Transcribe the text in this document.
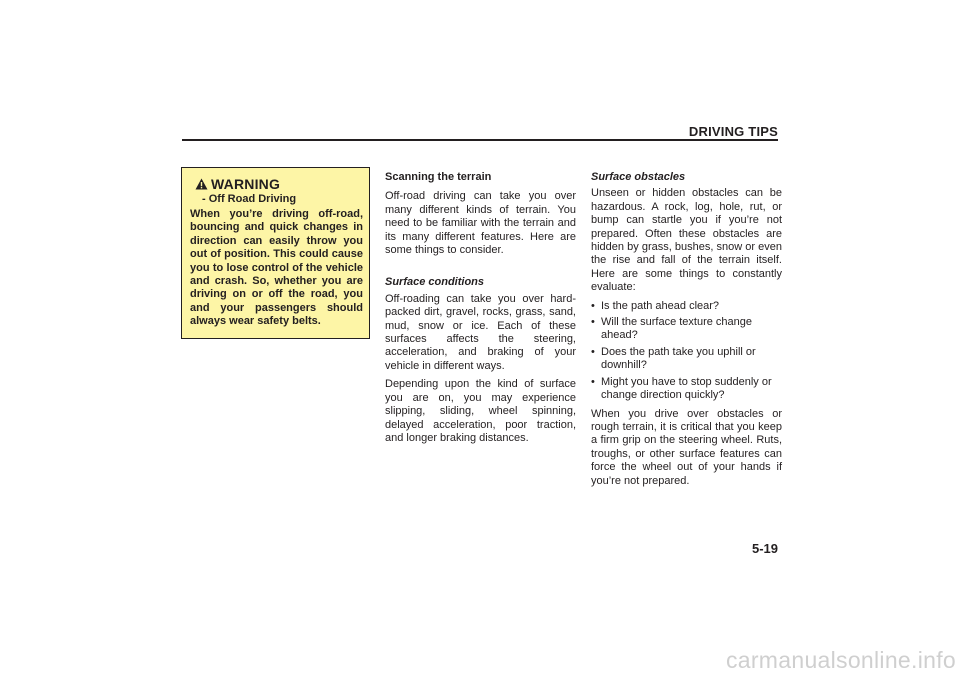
DRIVING TIPS
WARNING
- Off Road Driving

When you’re driving off-road, bouncing and quick changes in direction can easily throw you out of position. This could cause you to lose control of the vehicle and crash. So, whether you are driving on or off the road, you and your passengers should always wear safety belts.

Scanning the terrain

Off-road driving can take you over many different kinds of terrain. You need to be familiar with the terrain and its many different features. Here are some things to consider.

Surface conditions

Off-roading can take you over hard-packed dirt, gravel, rocks, grass, sand, mud, snow or ice. Each of these surfaces affects the steering, acceleration, and braking of your vehicle in different ways.

Depending upon the kind of surface you are on, you may experience slipping, sliding, wheel spinning, delayed acceleration, poor traction, and longer braking distances.

Surface obstacles

Unseen or hidden obstacles can be hazardous. A rock, log, hole, rut, or bump can startle you if you’re not prepared. Often these obstacles are hidden by grass, bushes, snow or even the rise and fall of the terrain itself. Here are some things to constantly evaluate:

• Is the path ahead clear?
• Will the surface texture change ahead?
• Does the path take you uphill or downhill?
• Might you have to stop suddenly or change direction quickly?

When you drive over obstacles or rough terrain, it is critical that you keep a firm grip on the steering wheel. Ruts, troughs, or other surface features can force the wheel out of your hands if you’re not prepared.

5-19
carmanualsonline.info
